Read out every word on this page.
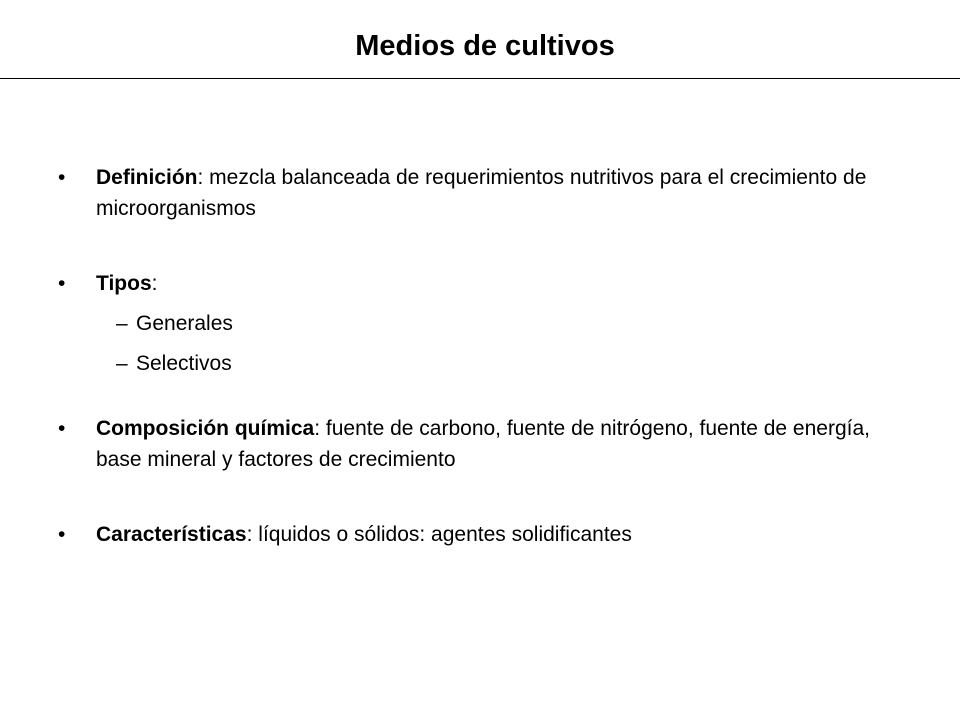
Medios de cultivos
• Definición: mezcla balanceada de requerimientos nutritivos para el crecimiento de microorganismos
• Tipos:
–
Generales
–
Selectivos
• Composición química: fuente de carbono, fuente de nitrógeno, fuente de energía, base mineral y factores de crecimiento
• Características: líquidos o sólidos: agentes solidificantes
